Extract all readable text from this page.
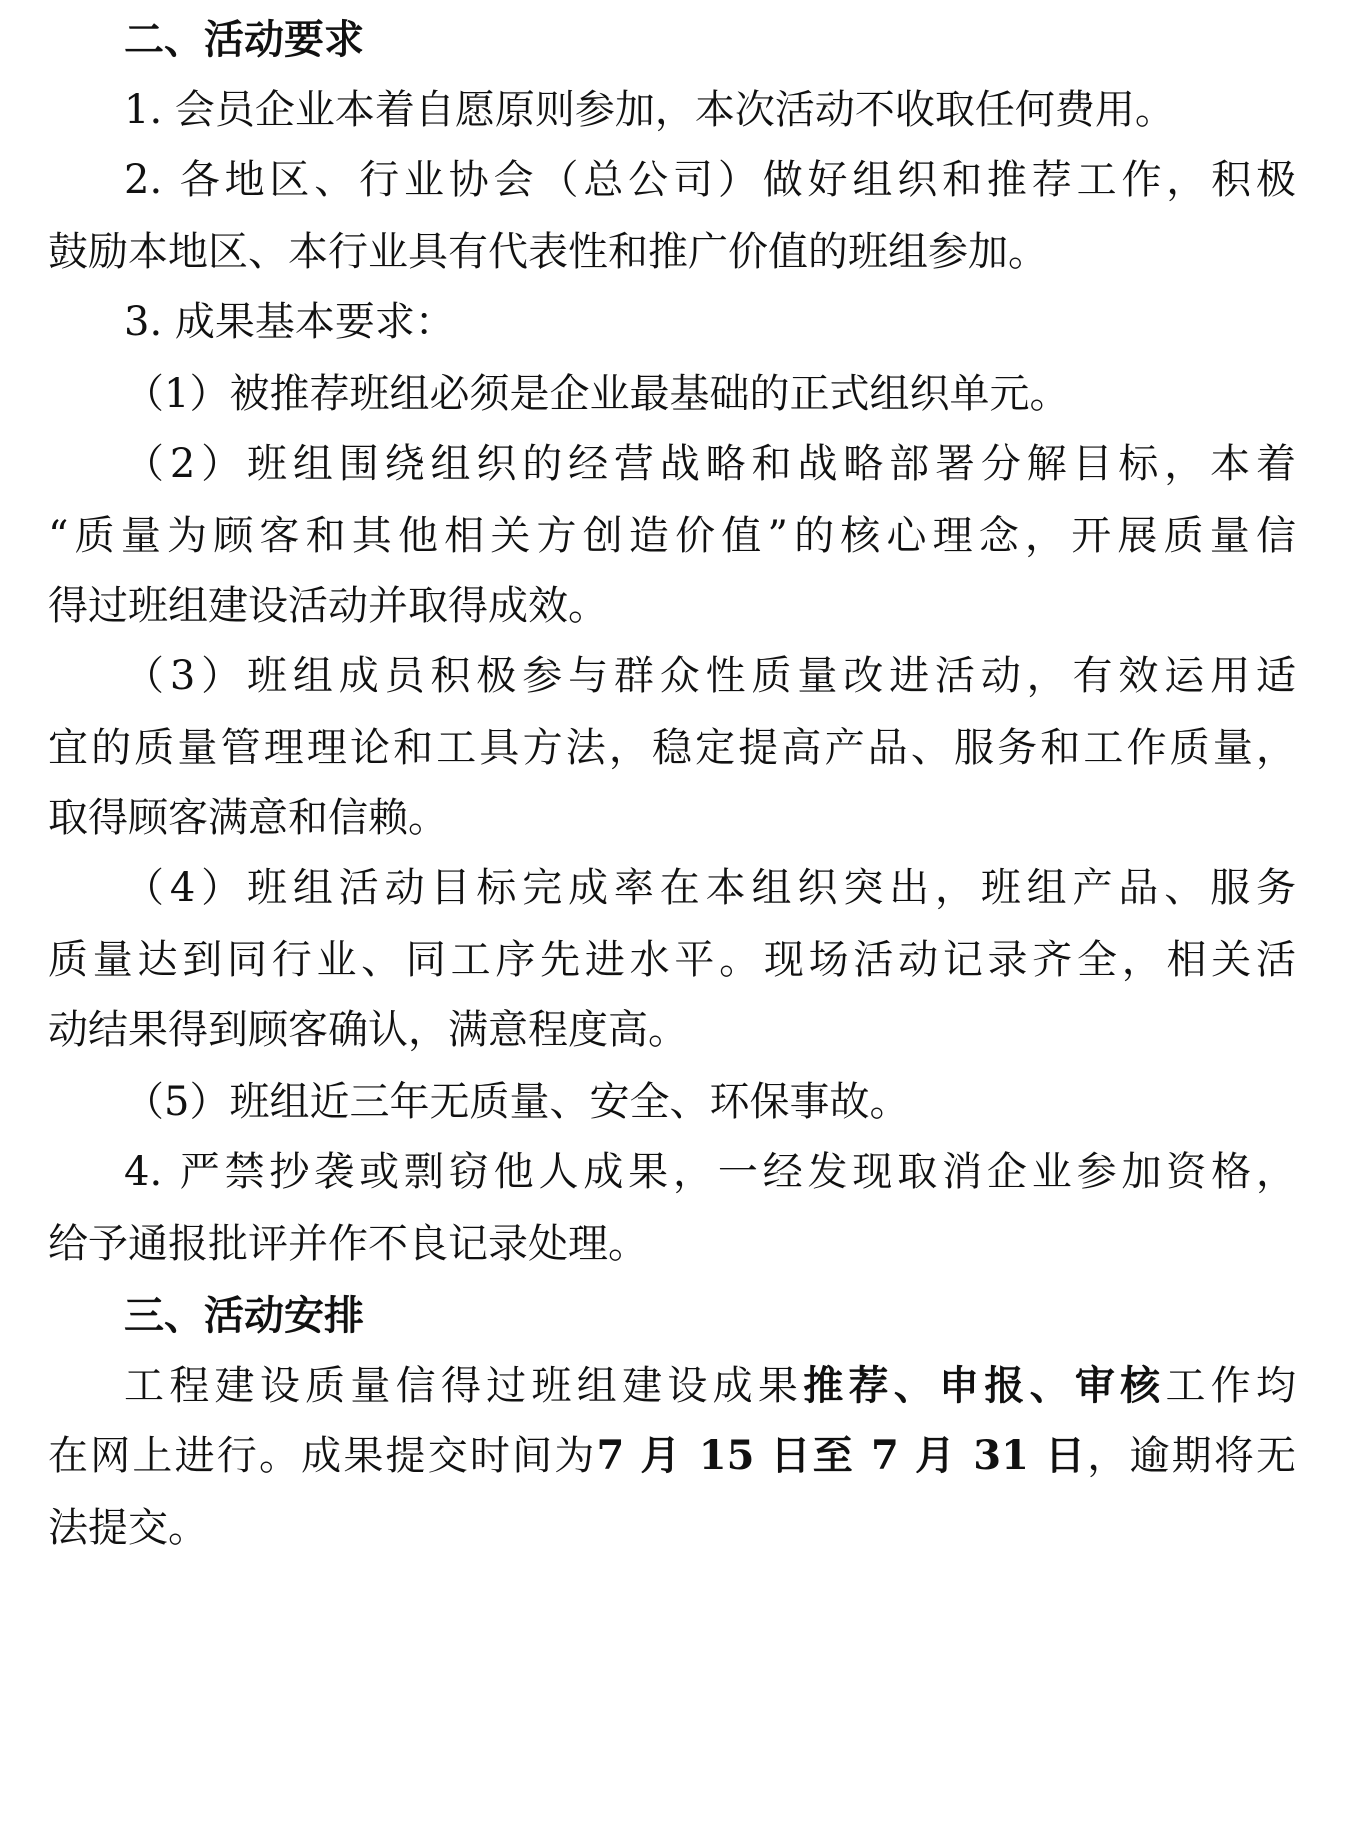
二、活动要求
1. 会员企业本着自愿原则参加，本次活动不收取任何费用。
2. 各地区、行业协会（总公司）做好组织和推荐工作，积极
鼓励本地区、本行业具有代表性和推广价值的班组参加。
3. 成果基本要求：
（1）被推荐班组必须是企业最基础的正式组织单元。
（2）班组围绕组织的经营战略和战略部署分解目标，本着
“质量为顾客和其他相关方创造价值”的核心理念，开展质量信
得过班组建设活动并取得成效。
（3）班组成员积极参与群众性质量改进活动，有效运用适
宜的质量管理理论和工具方法，稳定提高产品、服务和工作质量，
取得顾客满意和信赖。
（4）班组活动目标完成率在本组织突出，班组产品、服务
质量达到同行业、同工序先进水平。现场活动记录齐全，相关活
动结果得到顾客确认，满意程度高。
（5）班组近三年无质量、安全、环保事故。
4. 严禁抄袭或剽窃他人成果，一经发现取消企业参加资格，
给予通报批评并作不良记录处理。
三、活动安排
工程建设质量信得过班组建设成果推荐、申报、审核工作均
在网上进行。成果提交时间为7 月 15 日至 7 月 31 日，逾期将无
法提交。
